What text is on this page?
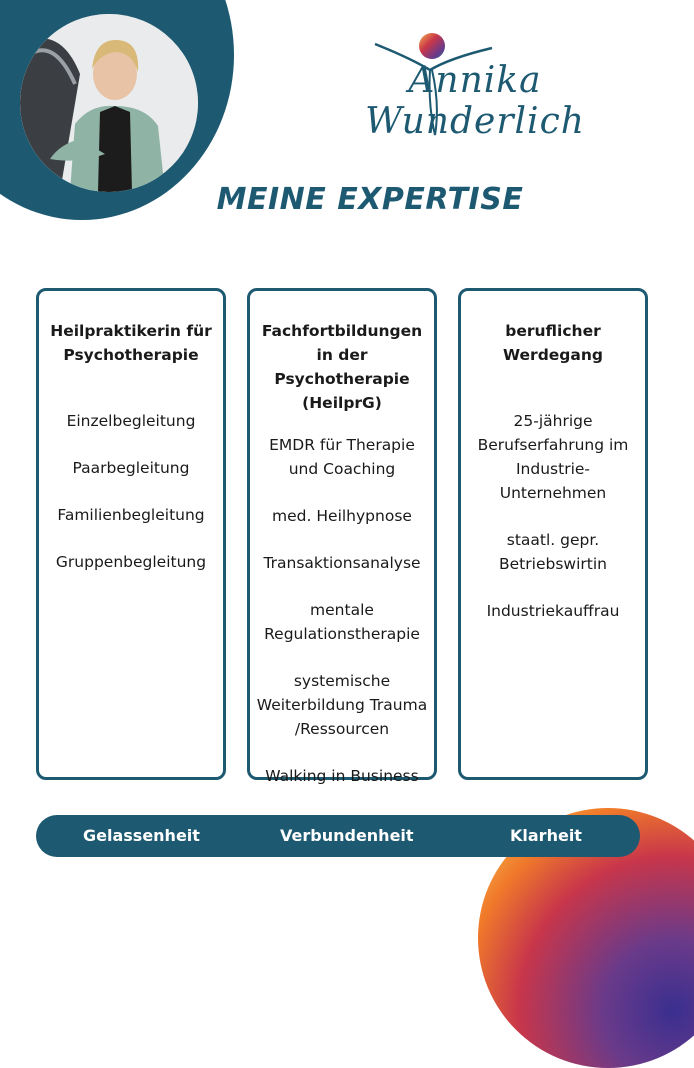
Annika Wunderlich
MEINE EXPERTISE
Heilpraktikerin für Psychotherapie
Einzelbegleitung
Paarbegleitung
Familienbegleitung
Gruppenbegleitung
Fachfortbildungen in der Psychotherapie (HeilprG)
EMDR für Therapie und Coaching
med. Heilhypnose
Transaktionsanalyse
mentale Regulationstherapie
systemische Weiterbildung Trauma /Ressourcen
Walking in Business
beruflicher Werdegang
25-jährige Berufserfahrung im Industrie-Unternehmen
staatl. gepr. Betriebswirtin
Industriekauffrau
Gelassenheit	Verbundenheit	Klarheit
